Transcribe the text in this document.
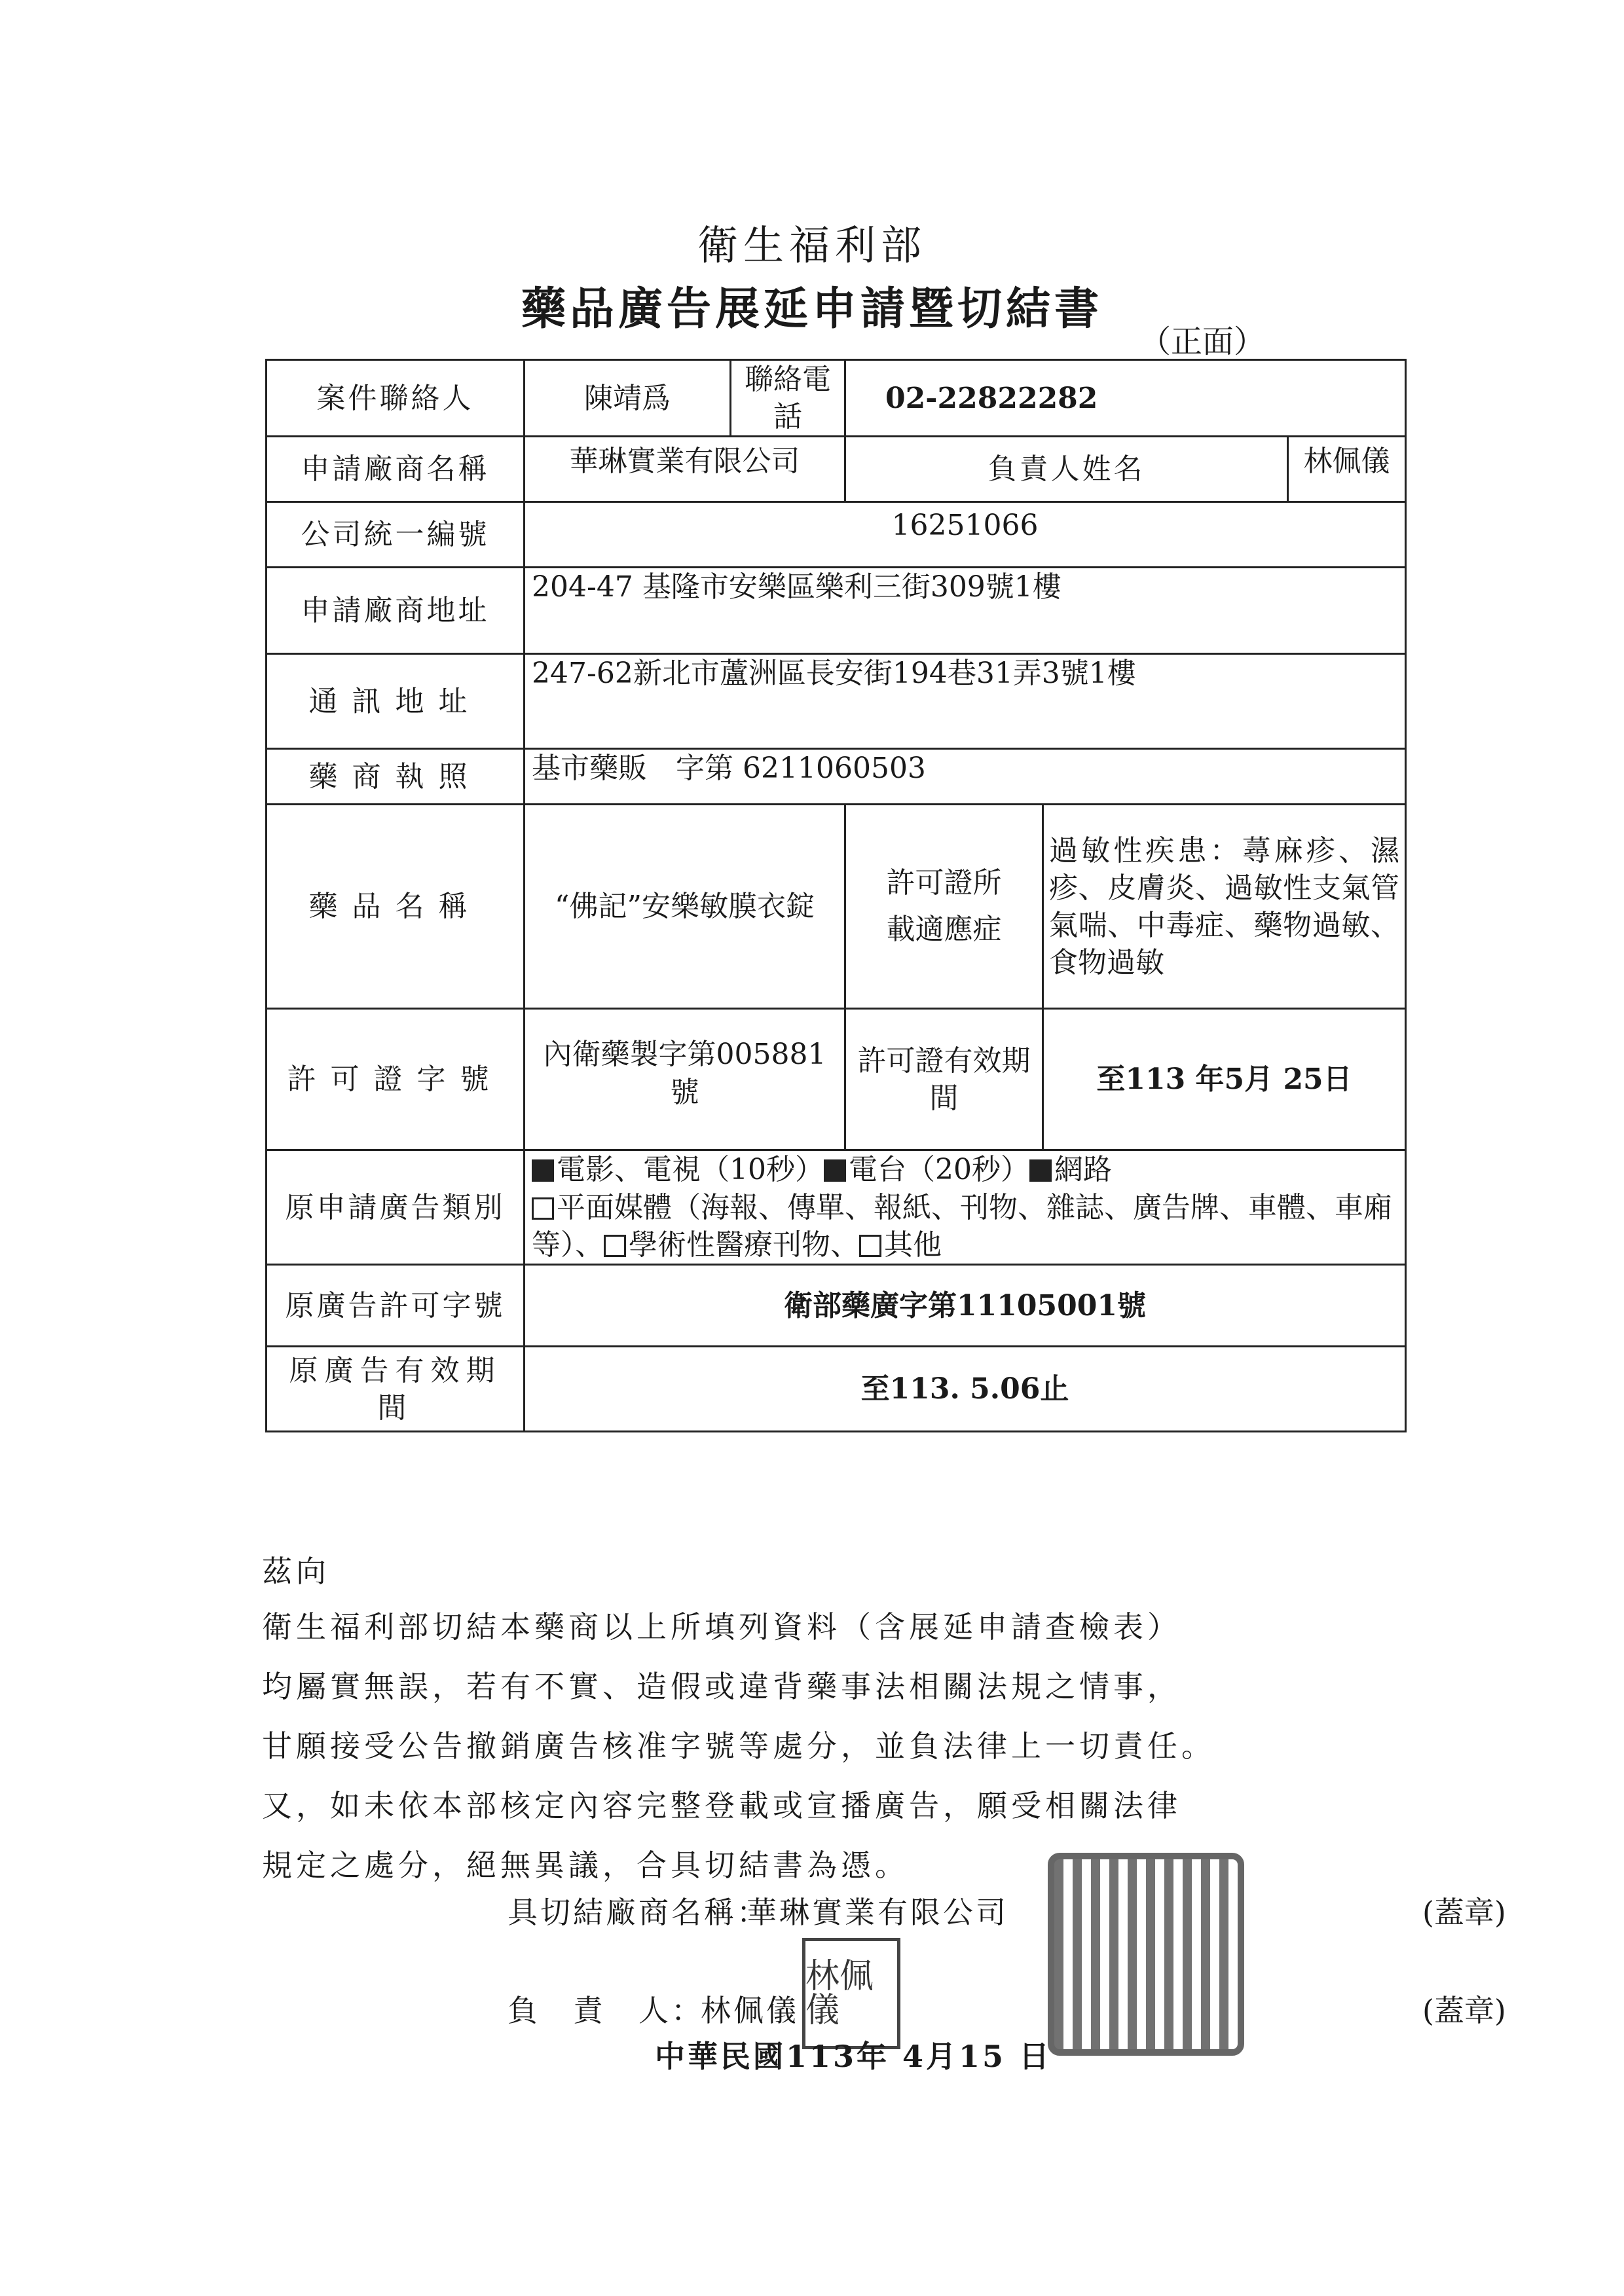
衛生福利部
藥品廣告展延申請暨切結書
（正面）
案件聯絡人	陳靖爲	聯絡電話	02-22822282		
申請廠商名稱	華琳實業有限公司		負責人姓名		林佩儀
公司統一編號	16251066				
申請廠商地址	204-47 基隆市安樂區樂利三街309號1樓				
通訊地址	247-62新北市蘆洲區長安街194巷31弄3號1樓				
藥商執照	基市藥販　字第 6211060503				
藥品名稱	“佛記”安樂敏膜衣錠		許可證所載適應症	過敏性疾患：蕁麻疹、濕疹、皮膚炎、過敏性支氣管氣喘、中毒症、藥物過敏、食物過敏	
許可證字號	內衛藥製字第005881號		許可證有效期間	至113 年5月 25日	
原申請廣告類別	電影、電視（10秒） 電台（20秒） 網路
平面媒體（海報、傳單、報紙、刊物、雜誌、廣告牌、車體、車廂等）、 學術性醫療刊物、 其他				
原廣告許可字號	衛部藥廣字第11105001號				
原廣告有效期間	至113. 5.06止				
茲向
衛生福利部切結本藥商以上所填列資料（含展延申請查檢表）
均屬實無誤，若有不實、造假或違背藥事法相關法規之情事，
甘願接受公告撤銷廣告核准字號等處分，並負法律上一切責任。
又，如未依本部核定內容完整登載或宣播廣告，願受相關法律
規定之處分，絕無異議，合具切結書為憑。
林佩儀
具切結廠商名稱：
華琳實業有限公司	(蓋章)
負　責　人：
林佩儀	(蓋章)
中華民國113年 4月15 日
